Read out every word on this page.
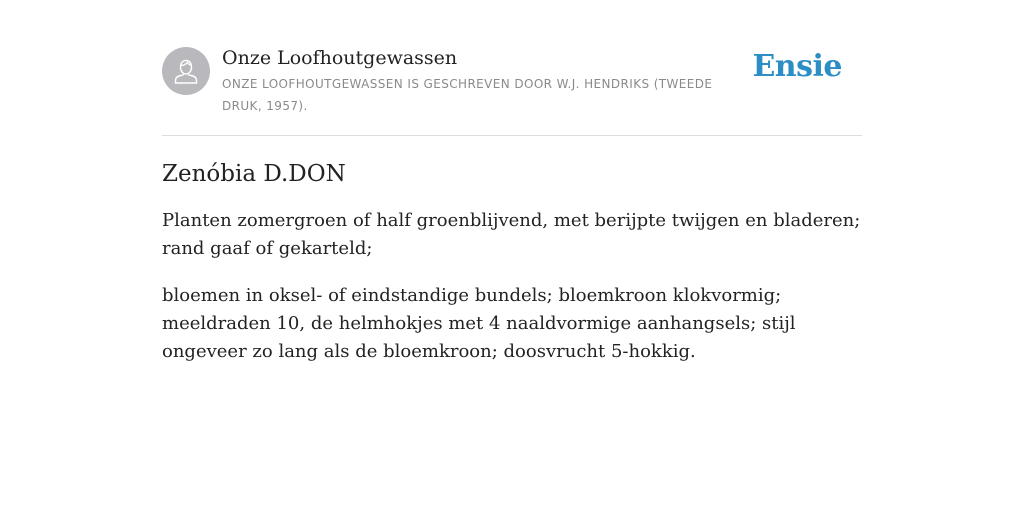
Onze Loofhoutgewassen
ONZE LOOFHOUTGEWASSEN IS GESCHREVEN DOOR W.J. HENDRIKS (TWEEDE DRUK, 1957).
Ensie
Zenóbia D.DON

Planten zomergroen of half groenblijvend, met berijpte twijgen en bladeren; rand gaaf of gekarteld;

bloemen in oksel- of eindstandige bundels; bloemkroon klokvormig; meeldraden 10, de helmhokjes met 4 naaldvormige aanhangsels; stijl ongeveer zo lang als de bloemkroon; doosvrucht 5-hokkig.
